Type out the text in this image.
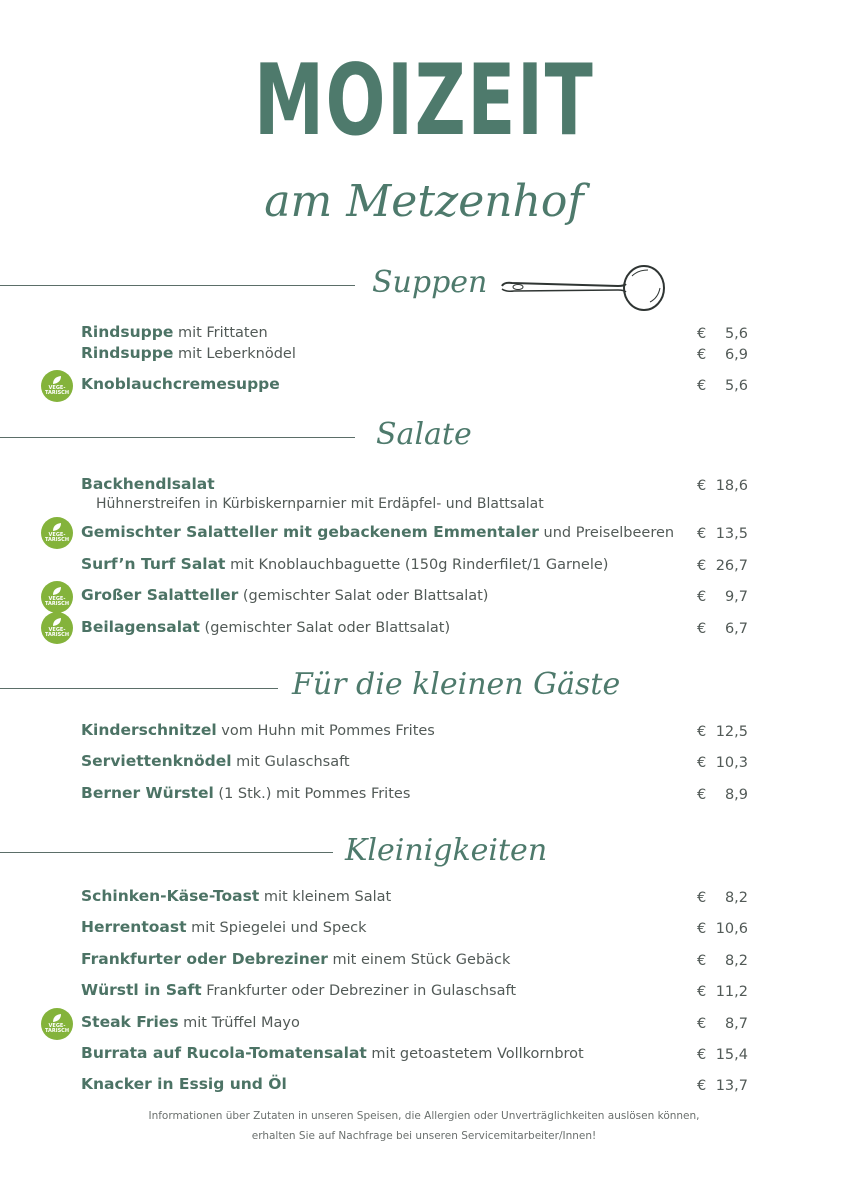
MOIZEIT
am Metzenhof
Suppen
Salate
Für die kleinen Gäste
Kleinigkeiten
Rindsuppe mit Frittaten	€ 5,6
Rindsuppe mit Leberknödel	€ 6,9
Knoblauchcremesuppe	€ 5,6
VEGE-
TARISCH
Backhendlsalat
Hühnerstreifen in Kürbiskernparnier mit Erdäpfel- und Blattsalat
€ 18,6
Gemischter Salatteller mit gebackenem Emmentaler und Preiselbeeren € 13,5
VEGE-
TARISCH
Surf’n Turf Salat mit Knoblauchbaguette (150g Rinderfilet/1 Garnele)	€ 26,7
Großer Salatteller (gemischter Salat oder Blattsalat)	€ 9,7
VEGE-
TARISCH
Beilagensalat (gemischter Salat oder Blattsalat)	€ 6,7
VEGE-
TARISCH
Kinderschnitzel vom Huhn mit Pommes Frites	€ 12,5
Serviettenknödel mit Gulaschsaft	€ 10,3
Berner Würstel (1 Stk.) mit Pommes Frites	€ 8,9
Schinken-Käse-Toast mit kleinem Salat	€ 8,2
Herrentoast mit Spiegelei und Speck	€ 10,6
Frankfurter oder Debreziner mit einem Stück Gebäck	€ 8,2
Würstl in Saft Frankfurter oder Debreziner in Gulaschsaft	€ 11,2
Steak Fries mit Trüffel Mayo	€ 8,7
VEGE-
TARISCH
Burrata auf Rucola-Tomatensalat mit getoastetem Vollkornbrot	€ 15,4
Knacker in Essig und Öl	€ 13,7
Informationen über Zutaten in unseren Speisen, die Allergien oder Unverträglichkeiten auslösen können,
erhalten Sie auf Nachfrage bei unseren Servicemitarbeiter/Innen!
